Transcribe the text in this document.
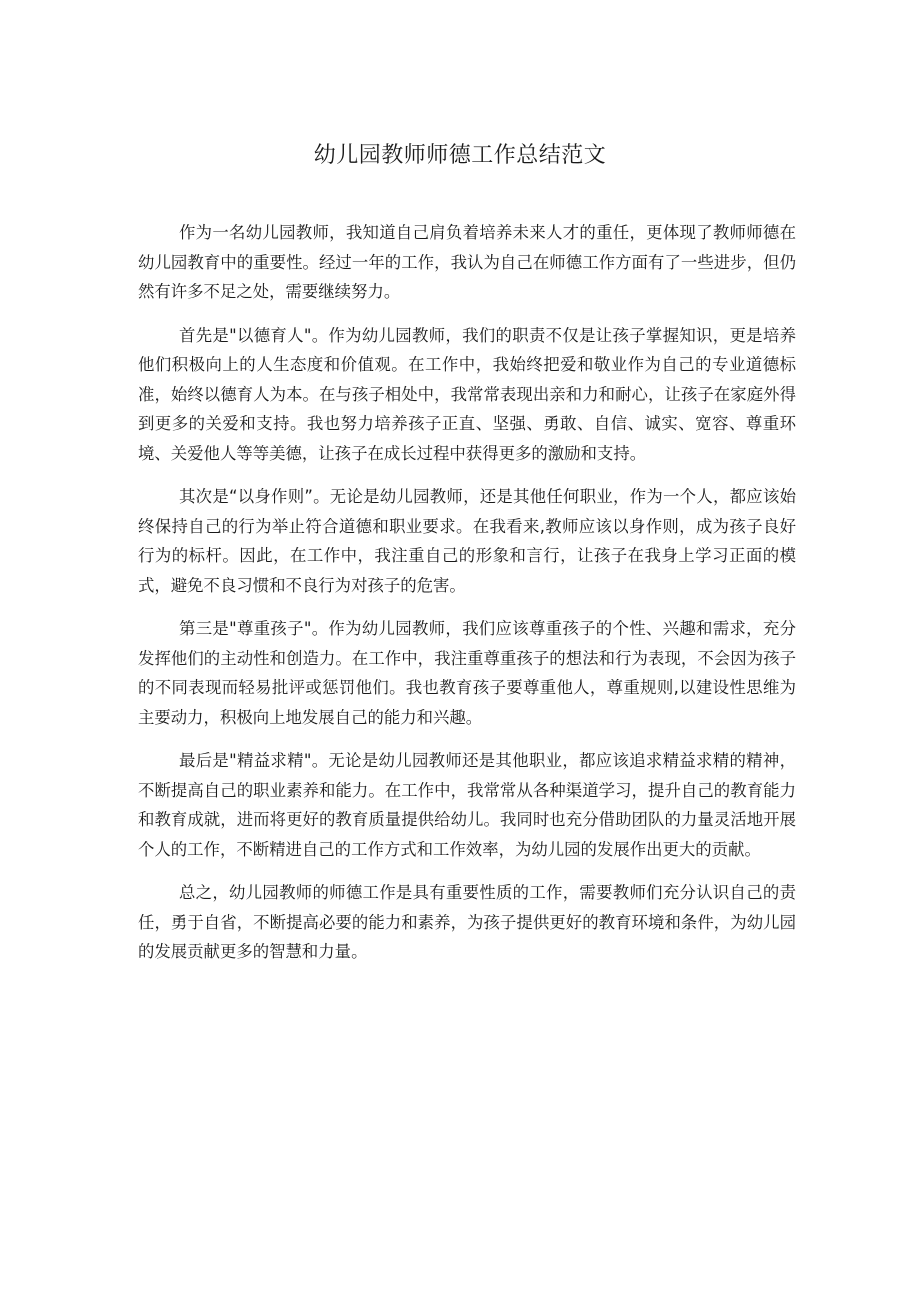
幼儿园教师师德工作总结范文

作为一名幼儿园教师，我知道自己肩负着培养未来人才的重任，更体现了教师师德在幼儿园教育中的重要性。经过一年的工作，我认为自己在师德工作方面有了一些进步，但仍然有许多不足之处，需要继续努力。

首先是"以德育人"。作为幼儿园教师，我们的职责不仅是让孩子掌握知识，更是培养他们积极向上的人生态度和价值观。在工作中，我始终把爱和敬业作为自己的专业道德标准，始终以德育人为本。在与孩子相处中，我常常表现出亲和力和耐心，让孩子在家庭外得到更多的关爱和支持。我也努力培养孩子正直、坚强、勇敢、自信、诚实、宽容、尊重环境、关爱他人等等美德，让孩子在成长过程中获得更多的激励和支持。

其次是“以身作则”。无论是幼儿园教师，还是其他任何职业，作为一个人，都应该始终保持自己的行为举止符合道德和职业要求。在我看来,教师应该以身作则，成为孩子良好行为的标杆。因此，在工作中，我注重自己的形象和言行，让孩子在我身上学习正面的模式，避免不良习惯和不良行为对孩子的危害。

第三是"尊重孩子"。作为幼儿园教师，我们应该尊重孩子的个性、兴趣和需求，充分发挥他们的主动性和创造力。在工作中，我注重尊重孩子的想法和行为表现，不会因为孩子的不同表现而轻易批评或惩罚他们。我也教育孩子要尊重他人，尊重规则,以建设性思维为主要动力，积极向上地发展自己的能力和兴趣。

最后是"精益求精"。无论是幼儿园教师还是其他职业，都应该追求精益求精的精神，不断提高自己的职业素养和能力。在工作中，我常常从各种渠道学习，提升自己的教育能力和教育成就，进而将更好的教育质量提供给幼儿。我同时也充分借助团队的力量灵活地开展个人的工作，不断精进自己的工作方式和工作效率，为幼儿园的发展作出更大的贡献。

总之，幼儿园教师的师德工作是具有重要性质的工作，需要教师们充分认识自己的责任，勇于自省，不断提高必要的能力和素养，为孩子提供更好的教育环境和条件，为幼儿园的发展贡献更多的智慧和力量。
